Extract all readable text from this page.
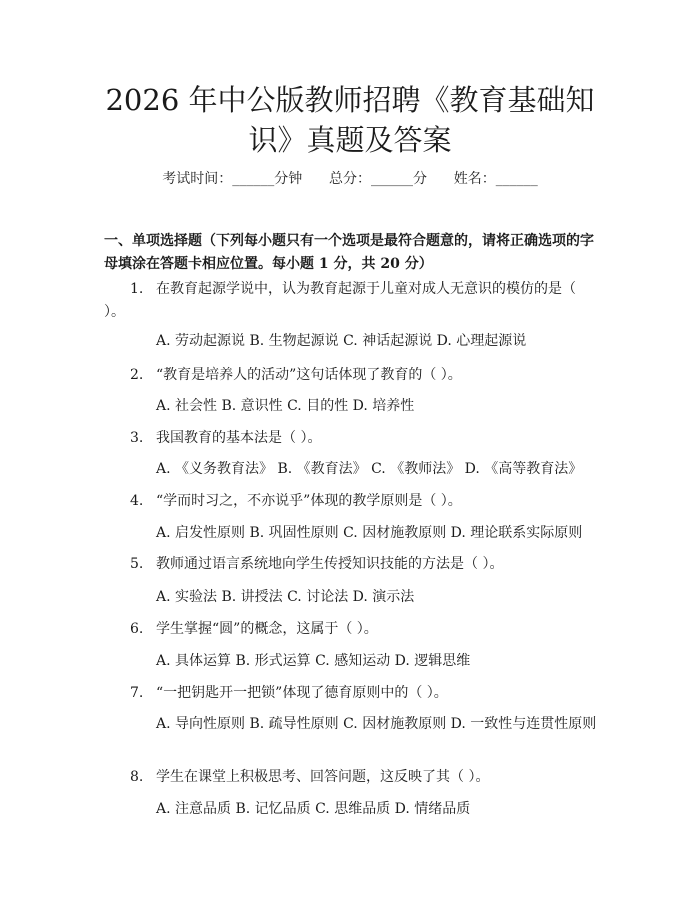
2026 年中公版教师招聘《教育基础知识》真题及答案
考试时间：______分钟      总分：______分      姓名：______
一、单项选择题（下列每小题只有一个选项是最符合题意的，请将正确选项的字母填涂在答题卡相应位置。每小题 1 分，共 20 分）
1. 在教育起源学说中，认为教育起源于儿童对成人无意识的模仿的是（ ）。
A. 劳动起源说 B. 生物起源说 C. 神话起源说 D. 心理起源说
2. “教育是培养人的活动”这句话体现了教育的（ ）。
A. 社会性 B. 意识性 C. 目的性 D. 培养性
3. 我国教育的基本法是（ ）。
A. 《义务教育法》 B. 《教育法》 C. 《教师法》 D. 《高等教育法》
4. “学而时习之，不亦说乎”体现的教学原则是（ ）。
A. 启发性原则 B. 巩固性原则 C. 因材施教原则 D. 理论联系实际原则
5. 教师通过语言系统地向学生传授知识技能的方法是（ ）。
A. 实验法 B. 讲授法 C. 讨论法 D. 演示法
6. 学生掌握“圆”的概念，这属于（ ）。
A. 具体运算 B. 形式运算 C. 感知运动 D. 逻辑思维
7. “一把钥匙开一把锁”体现了德育原则中的（ ）。
A. 导向性原则 B. 疏导性原则 C. 因材施教原则 D. 一致性与连贯性原则
8. 学生在课堂上积极思考、回答问题，这反映了其（ ）。
A. 注意品质 B. 记忆品质 C. 思维品质 D. 情绪品质
